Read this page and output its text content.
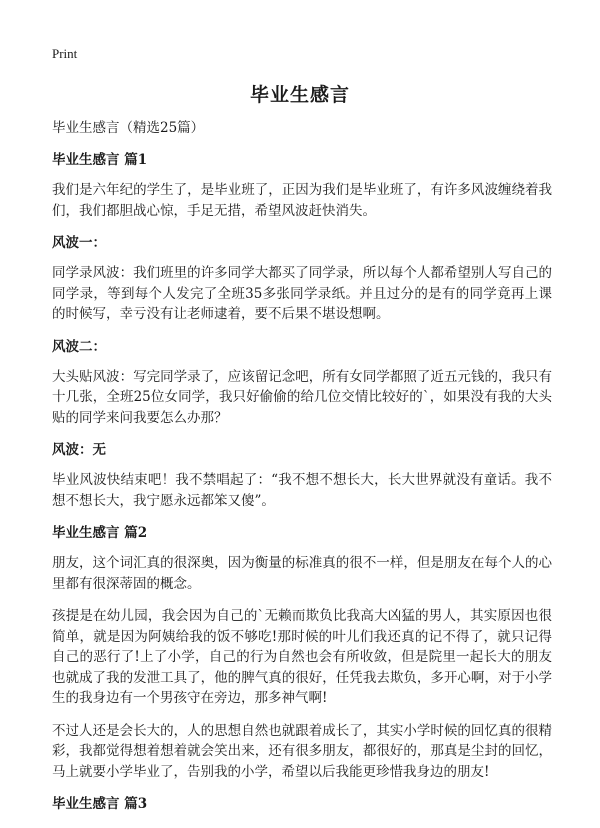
Print
毕业生感言
毕业生感言（精选25篇）
毕业生感言 篇1

我们是六年纪的学生了，是毕业班了，正因为我们是毕业班了，有许多风波缠绕着我们，我们都胆战心惊，手足无措，希望风波赶快消失。

风波一：

同学录风波：我们班里的许多同学大都买了同学录，所以每个人都希望别人写自己的同学录，等到每个人发完了全班35多张同学录纸。并且过分的是有的同学竟再上课的时候写，幸亏没有让老师逮着，要不后果不堪设想啊。

风波二：

大头贴风波：写完同学录了，应该留记念吧，所有女同学都照了近五元钱的，我只有十几张，全班25位女同学，我只好偷偷的给几位交情比较好的`，如果没有我的大头贴的同学来问我要怎么办那？

风波：无

毕业风波快结束吧！我不禁唱起了：“我不想不想长大，长大世界就没有童话。我不想不想长大，我宁愿永远都笨又傻”。

毕业生感言 篇2

朋友，这个词汇真的很深奥，因为衡量的标准真的很不一样，但是朋友在每个人的心里都有很深蒂固的概念。

孩提是在幼儿园，我会因为自己的`无赖而欺负比我高大凶猛的男人，其实原因也很简单，就是因为阿姨给我的饭不够吃!那时候的叶儿们我还真的记不得了，就只记得自己的恶行了!上了小学，自己的行为自然也会有所收敛，但是院里一起长大的朋友也就成了我的发泄工具了，他的脾气真的很好，任凭我去欺负，多开心啊，对于小学生的我身边有一个男孩守在旁边，那多神气啊!

不过人还是会长大的，人的思想自然也就跟着成长了，其实小学时候的回忆真的很精彩，我都觉得想着想着就会笑出来，还有很多朋友，都很好的，那真是尘封的回忆，马上就要小学毕业了，告别我的小学，希望以后我能更珍惜我身边的朋友!

毕业生感言 篇3
